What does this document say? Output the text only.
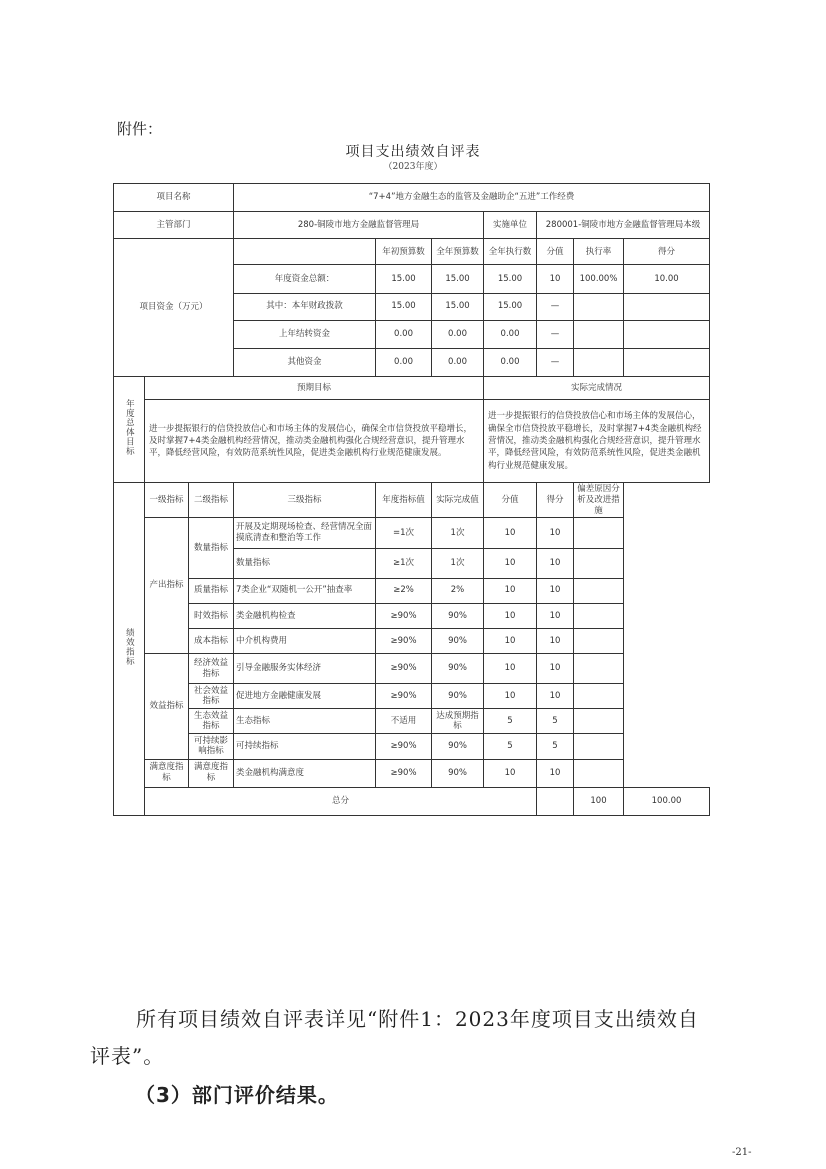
附件：
项目支出绩效自评表
（2023年度）
项目名称			“7+4”地方金融生态的监管及金融助企“五进”工作经费							
主管部门			280-铜陵市地方金融监督管理局			实施单位	280001-铜陵市地方金融监督管理局本级			
项目资金（万元）				年初预算数	全年预算数	全年执行数	分值	执行率	得分	
			年度资金总额：	15.00	15.00	15.00	10	100.00%	10.00	
			其中：本年财政拨款	15.00	15.00	15.00	—			
			上年结转资金	0.00	0.00	0.00	—			
			其他资金	0.00	0.00	0.00	—			
年度总体目标	预期目标					实际完成情况				
	进一步提振银行的信贷投放信心和市场主体的发展信心，确保全市信贷投放平稳增长，及时掌握7+4类金融机构经营情况，推动类金融机构强化合规经营意识，提升管理水平，降低经营风险，有效防范系统性风险，促进类金融机构行业规范健康发展。					进一步提振银行的信贷投放信心和市场主体的发展信心，确保全市信贷投放平稳增长，及时掌握7+4类金融机构经营情况，推动类金融机构强化合规经营意识，提升管理水平，降低经营风险，有效防范系统性风险，促进类金融机构行业规范健康发展。				
绩效指标	一级指标	二级指标	三级指标	年度指标值	实际完成值	分值	得分	偏差原因分析及改进措施		
	产出指标	数量指标	开展及定期现场检查、经营情况全面摸底清查和整治等工作	=1次	1次	10	10			
			数量指标	≥1次	1次	10	10			
		质量指标	7类企业“双随机一公开”抽查率	≥2%	2%	10	10			
		时效指标	类金融机构检查	≥90%	90%	10	10			
		成本指标	中介机构费用	≥90%	90%	10	10			
	效益指标	经济效益指标	引导金融服务实体经济	≥90%	90%	10	10			
		社会效益指标	促进地方金融健康发展	≥90%	90%	10	10			
		生态效益指标	生态指标	不适用	达成预期指标	5	5			
		可持续影响指标	可持续指标	≥90%	90%	5	5			
	满意度指标	满意度指标	类金融机构满意度	≥90%	90%	10	10			
	总分							100	100.00	
所有项目绩效自评表详见“附件1：2023年度项目支出绩效自
评表”。
（3）部门评价结果。
-21-
